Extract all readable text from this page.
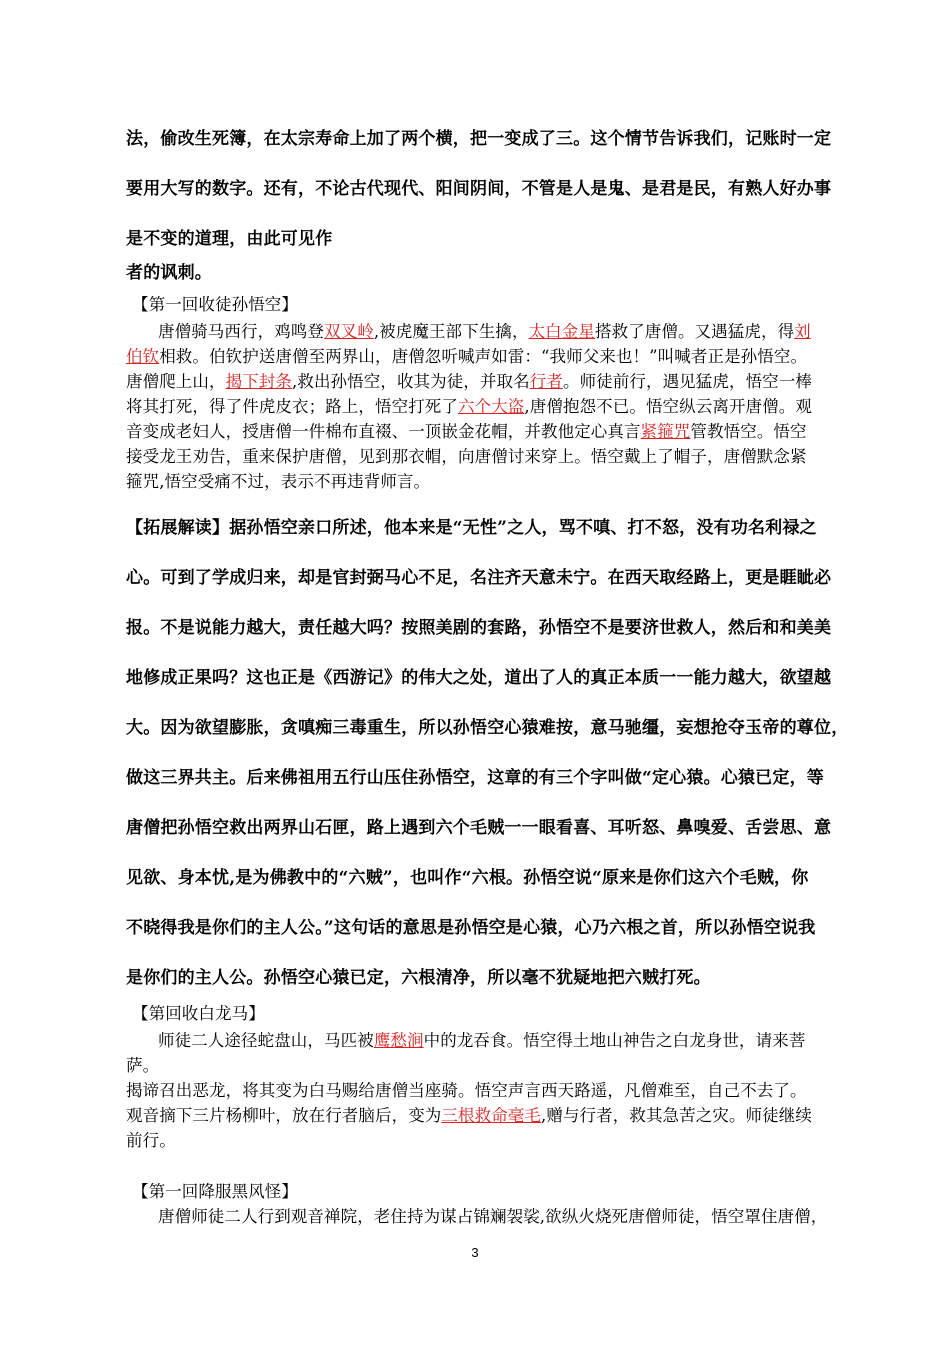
法，偷改生死簿，在太宗寿命上加了两个横，把一变成了三。这个情节告诉我们，记账时一定
要用大写的数字。还有，不论古代现代、阳间阴间，不管是人是鬼、是君是民，有熟人好办事
是不变的道理，由此可见作
者的讽刺。
【第一回收徒孙悟空】
唐僧骑马西行，鸡鸣登双叉岭,被虎魔王部下生擒，太白金星搭救了唐僧。又遇猛虎，得刘
伯钦相救。伯钦护送唐僧至两界山，唐僧忽听喊声如雷：“我师父来也！”叫喊者正是孙悟空。
唐僧爬上山，揭下封条,救出孙悟空，收其为徒，并取名行者。师徒前行，遇见猛虎，悟空一棒
将其打死，得了件虎皮衣；路上，悟空打死了六个大盗,唐僧抱怨不已。悟空纵云离开唐僧。观
音变成老妇人，授唐僧一件棉布直裰、一顶嵌金花帽，并教他定心真言紧箍咒管教悟空。悟空
接受龙王劝告，重来保护唐僧，见到那衣帽，向唐僧讨来穿上。悟空戴上了帽子，唐僧默念紧
箍咒,悟空受痛不过，表示不再违背师言。
【拓展解读】据孙悟空亲口所述，他本来是“无性”之人，骂不嗔、打不怒，没有功名利禄之
心。可到了学成归来，却是官封弼马心不足，名注齐天意未宁。在西天取经路上，更是睚眦必
报。不是说能力越大，责任越大吗？按照美剧的套路，孙悟空不是要济世救人，然后和和美美
地修成正果吗？这也正是《西游记》的伟大之处，道出了人的真正本质一一能力越大，欲望越
大。因为欲望膨胀，贪嗔痴三毒重生，所以孙悟空心猿难按，意马驰缰，妄想抢夺玉帝的尊位，
做这三界共主。后来佛祖用五行山压住孙悟空，这章的有三个字叫做“定心猿。心猿已定，等
唐僧把孙悟空救出两界山石匣，路上遇到六个毛贼一一眼看喜、耳听怒、鼻嗅爱、舌尝思、意
见欲、身本忧,是为佛教中的“六贼”，也叫作“六根。孙悟空说“原来是你们这六个毛贼，你
不晓得我是你们的主人公。”这句话的意思是孙悟空是心猿，心乃六根之首，所以孙悟空说我
是你们的主人公。孙悟空心猿已定，六根清净，所以毫不犹疑地把六贼打死。
【第回收白龙马】
师徒二人途径蛇盘山，马匹被鹰愁涧中的龙吞食。悟空得土地山神告之白龙身世，请来菩
萨。
揭谛召出恶龙，将其变为白马赐给唐僧当座骑。悟空声言西天路遥，凡僧难至，自己不去了。
观音摘下三片杨柳叶，放在行者脑后，变为三根救命毫毛,赠与行者，救其急苦之灾。师徒继续
前行。
【第一回降服黑风怪】
唐僧师徒二人行到观音禅院，老住持为谋占锦斓袈裟,欲纵火烧死唐僧师徒，悟空罩住唐僧，
3
